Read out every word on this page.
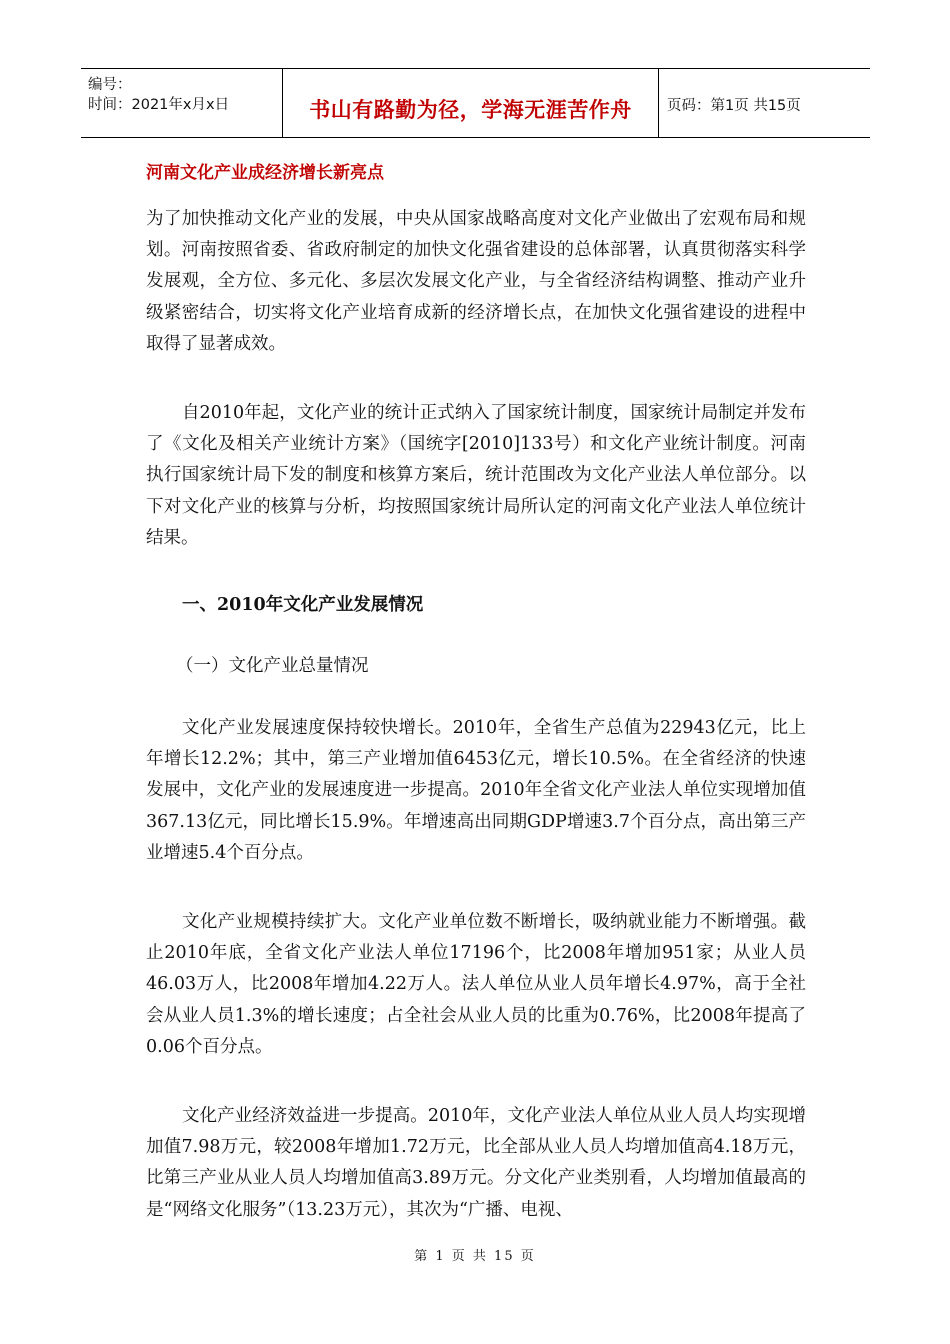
编号：
时间：2021年x月x日	书山有路勤为径，学海无涯苦作舟	页码：第1页 共15页
河南文化产业成经济增长新亮点
为了加快推动文化产业的发展，中央从国家战略高度对文化产业做出了宏观布局和规划。河南按照省委、省政府制定的加快文化强省建设的总体部署，认真贯彻落实科学发展观，全方位、多元化、多层次发展文化产业，与全省经济结构调整、推动产业升级紧密结合，切实将文化产业培育成新的经济增长点，在加快文化强省建设的进程中取得了显著成效。
自2010年起，文化产业的统计正式纳入了国家统计制度，国家统计局制定并发布了《文化及相关产业统计方案》（国统字[2010]133号）和文化产业统计制度。河南执行国家统计局下发的制度和核算方案后，统计范围改为文化产业法人单位部分。以下对文化产业的核算与分析，均按照国家统计局所认定的河南文化产业法人单位统计结果。
一、2010年文化产业发展情况
（一）文化产业总量情况
文化产业发展速度保持较快增长。2010年，全省生产总值为22943亿元，比上年增长12.2%；其中，第三产业增加值6453亿元，增长10.5%。在全省经济的快速发展中，文化产业的发展速度进一步提高。2010年全省文化产业法人单位实现增加值367.13亿元，同比增长15.9%。年增速高出同期GDP增速3.7个百分点，高出第三产业增速5.4个百分点。
文化产业规模持续扩大。文化产业单位数不断增长，吸纳就业能力不断增强。截止2010年底，全省文化产业法人单位17196个，比2008年增加951家；从业人员46.03万人，比2008年增加4.22万人。法人单位从业人员年增长4.97%，高于全社会从业人员1.3%的增长速度；占全社会从业人员的比重为0.76%，比2008年提高了0.06个百分点。
文化产业经济效益进一步提高。2010年，文化产业法人单位从业人员人均实现增加值7.98万元，较2008年增加1.72万元，比全部从业人员人均增加值高4.18万元，比第三产业从业人员人均增加值高3.89万元。分文化产业类别看，人均增加值最高的是“网络文化服务”（13.23万元），其次为“广播、电视、
第 1 页 共 15 页
